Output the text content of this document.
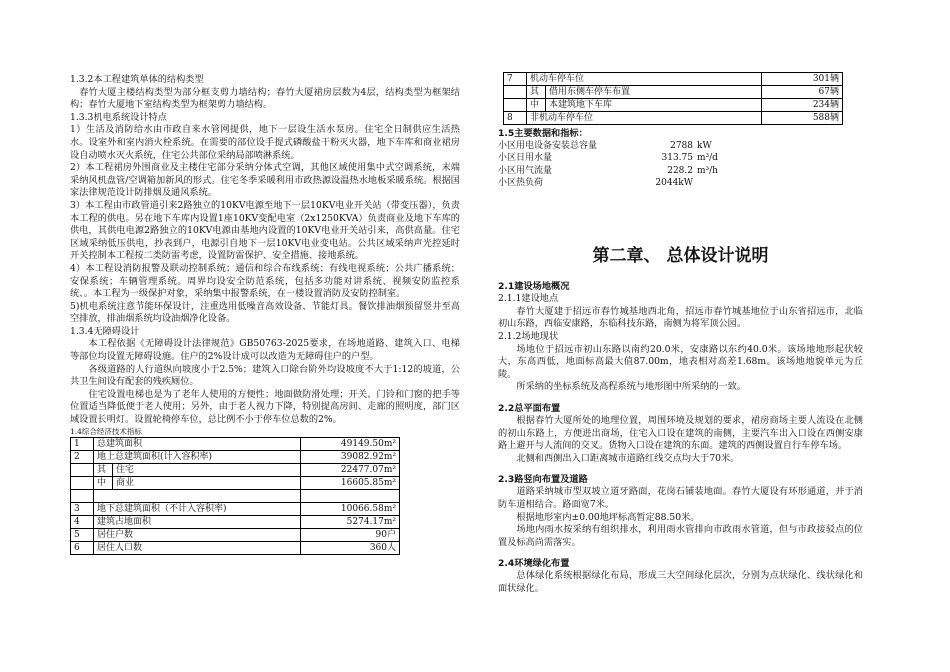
1.3.2本工程建筑单体的结构类型

春竹大厦主楼结构类型为部分框支剪力墙结构；春竹大厦裙房层数为4层，结构类型为框架结构；春竹大厦地下室结构类型为框架剪力墙结构。

1.3.3机电系统设计特点

1）生活及消防给水由市政自来水管网提供，地下一层设生活水泵房。住宅全日制供应生活热水。设室外和室内消火栓系统。在需要的部位设手提式磷酸盐干粉灭火器，地下车库和商业裙房设自动喷水灭火系统，住宅公共部位采纳局部喷淋系统。

2）本工程裙房外围商业及主楼住宅部分采纳分体式空调，其他区域使用集中式空调系统，末端采纳风机盘管/空调箱加新风的形式。住宅冬季采暖利用市政热源设温热水地板采暖系统。根据国家法律规范设计防排烟及通风系统。

3）本工程由市政管道引来2路独立的10KV电源至地下一层10KV电业开关站（带变压器），负责本工程的供电。另在地下车库内设置1座10KV变配电室（2x1250KVA）负责商业及地下车库的供电，其供电电源2路独立的10KV电源由基地内设置的10KV电业开关站引来，高供高量。住宅区域采纳低压供电，抄表到户，电源引自地下一层10KV电业变电站。公共区域采纳声光控延时开关控制本工程按二类防雷考虑，设置防雷保护、安全措施、接地系统。

4）本工程设消防报警及联动控制系统；通信和综合布线系统；有线电视系统；公共广播系统；安保系统；车辆管理系统。周界均设安全防范系统，包括多功能对讲系统、视频安防监控系统、。本工程为一级保护对象，采纳集中报警系统，在一楼设置消防及安防控制室。

5)机电系统注意节能环保设计，注重选用低噪音高效设备、节能灯具。餐饮排油烟预留竖井至高空排放，排油烟系统均设油烟净化设备。

1.3.4无障碍设计

本工程依据《无障碍设计法律规范》GB50763-2025要求，在场地道路、建筑入口、电梯等部位均设置无障碍设施。住户的2%设计成可以改造为无障碍住户的户型。

各级道路的人行道纵向坡度小于2.5%；建筑入口除台阶外均设坡度不大于1:12的坡道，公共卫生间设有配套的残疾厕位。

住宅设置电梯也是为了老年人使用的方便性；地面做防滑处理；开关、门铃和门窗的把手等位置适当降低便于老人使用；另外，由于老人视力下降，特别提高房间、走廊的照明度，部门区域设置长明灯。设置轮椅停车位，总比例不小于停车位总数的2%。

1.4综合经济技术指标

1	总建筑面积		49149.50m²
2	地上总建筑面积(计入容积率)		39082.92m²
	其	住宅	22477.07m²
	中	商业	16605.85m²

3	地下总建筑面积（不计入容积率)		10066.58m²
4	建筑占地面积		5274.17m²
5	居住户数		90户
6	居住人口数		360人
7	机动车停车位		301辆
	其	借用东侧车停车布置	67辆
	中	本建筑地下车库	234辆
8	非机动车停车位		588辆

1.5主要数据和指标：

小区用电设备安装总容量	2788 kW
小区日用水量	313.75 m³/d
小区用气流量	228.2 m³/h
小区热负荷	2044kW

第二章、 总体设计说明

2.1建设场地概况

2.1.1建设地点

春竹大厦建于招远市春竹城基地西北角，招远市春竹城基地位于山东省招远市，北临初山东路，西临安康路，东临科技东路，南侧为将军顶公园。

2.1.2场地现状

场地位于招远市初山东路以南约20.0米，安康路以东约40.0米。该场地地形起伏较大，东高西低，地面标高最大值87.00m，地表相对高差1.68m。该场地地貌单元为丘陵。

所采纳的坐标系统及高程系统与地形图中所采纳的一致。

2.2总平面布置

根据春竹大厦所处的地理位置，周围环境及规划的要求，裙房商场主要人流设在北侧的初山东路上，方便进出商场，住宅入口设在建筑的南侧，主要汽车出入口设在西侧安康路上避开与人流间的交叉。货物入口设在建筑的东面。建筑的西侧设置自行车停车场。

北侧和西侧出入口距离城市道路红线交点均大于70米。

2.3路竖向布置及道路

道路采纳城市型双坡立道牙路面，花岗石铺装地面。春竹大厦设有环形通道，并于消防车道相结合。路面宽7米。

根据地形室内±0.00地坪标高暂定88.50米。

场地内雨水按采纳有组织排水，利用雨水管排向市政雨水管道，但与市政接驳点的位置及标高尚需落实。

2.4环境绿化布置

总体绿化系统根据绿化布局，形成三大空间绿化层次，分别为点状绿化、线状绿化和面状绿化。
